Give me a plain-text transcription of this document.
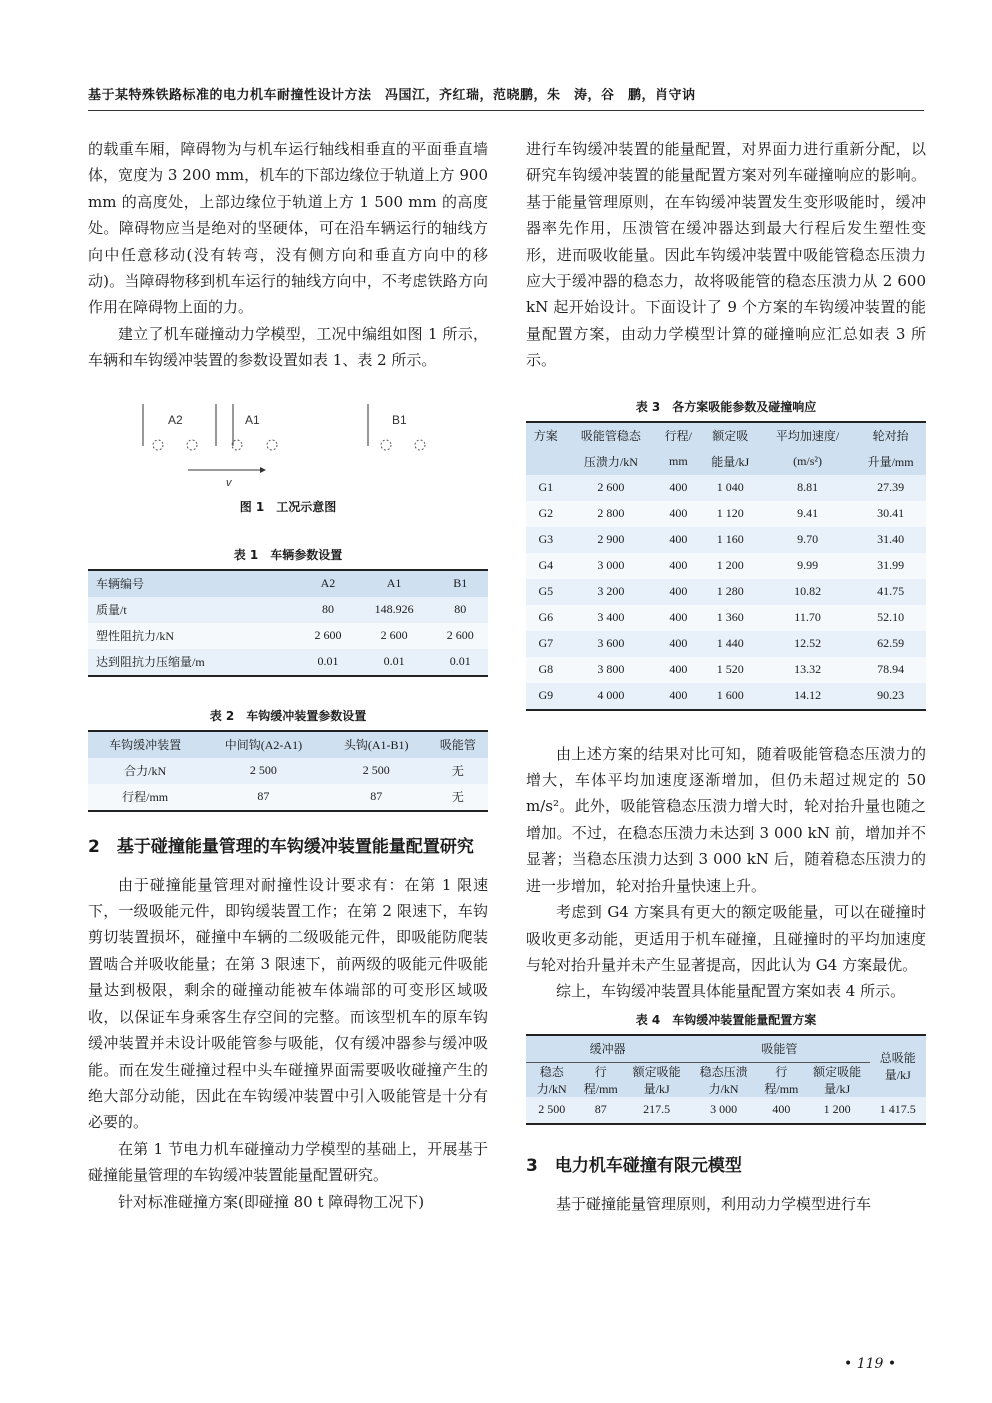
基于某特殊铁路标准的电力机车耐撞性设计方法　冯国江，齐红瑞，范晓鹏，朱　涛，谷　鹏，肖守讷

的载重车厢，障碍物为与机车运行轴线相垂直的平面垂直墙体，宽度为 3 200 mm，机车的下部边缘位于轨道上方 900 mm 的高度处，上部边缘位于轨道上方 1 500 mm 的高度处。障碍物应当是绝对的坚硬体，可在沿车辆运行的轴线方向中任意移动(没有转弯，没有侧方向和垂直方向中的移动)。当障碍物移到机车运行的轴线方向中，不考虑铁路方向作用在障碍物上面的力。

建立了机车碰撞动力学模型，工况中编组如图 1 所示，车辆和车钩缓冲装置的参数设置如表 1、表 2 所示。

A2	A1	B1
v
图 1　工况示意图
表 1　车辆参数设置
车辆编号	A2	A1	B1
质量/t	80	148.926	80
塑性阻抗力/kN	2 600	2 600	2 600
达到阻抗力压缩量/m	0.01	0.01	0.01
表 2　车钩缓冲装置参数设置
车钩缓冲装置	中间钩(A2-A1)	头钩(A1-B1)	吸能管
合力/kN	2 500	2 500	无
行程/mm	87	87	无
2　基于碰撞能量管理的车钩缓冲装置能量配置研究

由于碰撞能量管理对耐撞性设计要求有：在第 1 限速下，一级吸能元件，即钩缓装置工作；在第 2 限速下，车钩剪切装置损坏，碰撞中车辆的二级吸能元件，即吸能防爬装置啮合并吸收能量；在第 3 限速下，前两级的吸能元件吸能量达到极限，剩余的碰撞动能被车体端部的可变形区域吸收，以保证车身乘客生存空间的完整。而该型机车的原车钩缓冲装置并未设计吸能管参与吸能，仅有缓冲器参与缓冲吸能。而在发生碰撞过程中头车碰撞界面需要吸收碰撞产生的绝大部分动能，因此在车钩缓冲装置中引入吸能管是十分有必要的。

在第 1 节电力机车碰撞动力学模型的基础上，开展基于碰撞能量管理的车钩缓冲装置能量配置研究。

针对标准碰撞方案(即碰撞 80 t 障碍物工况下)

进行车钩缓冲装置的能量配置，对界面力进行重新分配，以研究车钩缓冲装置的能量配置方案对列车碰撞响应的影响。基于能量管理原则，在车钩缓冲装置发生变形吸能时，缓冲器率先作用，压溃管在缓冲器达到最大行程后发生塑性变形，进而吸收能量。因此车钩缓冲装置中吸能管稳态压溃力应大于缓冲器的稳态力，故将吸能管的稳态压溃力从 2 600 kN 起开始设计。下面设计了 9 个方案的车钩缓冲装置的能量配置方案，由动力学模型计算的碰撞响应汇总如表 3 所示。

表 3　各方案吸能参数及碰撞响应
方案	吸能管稳态	行程/	额定吸	平均加速度/	轮对抬
	压溃力/kN	mm	能量/kJ	(m/s²)	升量/mm
G1	2 600	400	1 040	8.81	27.39
G2	2 800	400	1 120	9.41	30.41
G3	2 900	400	1 160	9.70	31.40
G4	3 000	400	1 200	9.99	31.99
G5	3 200	400	1 280	10.82	41.75
G6	3 400	400	1 360	11.70	52.10
G7	3 600	400	1 440	12.52	62.59
G8	3 800	400	1 520	13.32	78.94
G9	4 000	400	1 600	14.12	90.23

由上述方案的结果对比可知，随着吸能管稳态压溃力的增大，车体平均加速度逐渐增加，但仍未超过规定的 50 m/s²。此外，吸能管稳态压溃力增大时，轮对抬升量也随之增加。不过，在稳态压溃力未达到 3 000 kN 前，增加并不显著；当稳态压溃力达到 3 000 kN 后，随着稳态压溃力的进一步增加，轮对抬升量快速上升。

考虑到 G4 方案具有更大的额定吸能量，可以在碰撞时吸收更多动能，更适用于机车碰撞，且碰撞时的平均加速度与轮对抬升量并未产生显著提高，因此认为 G4 方案最优。

综上，车钩缓冲装置具体能量配置方案如表 4 所示。

表 4　车钩缓冲装置能量配置方案
缓冲器			吸能管			总吸能量/kJ
稳态力/kN	行程/mm	额定吸能量/kJ	稳态压溃力/kN	行程/mm	额定吸能量/kJ	
2 500	87	217.5	3 000	400	1 200	1 417.5
3　电力机车碰撞有限元模型

基于碰撞能量管理原则，利用动力学模型进行车

• 119 •
